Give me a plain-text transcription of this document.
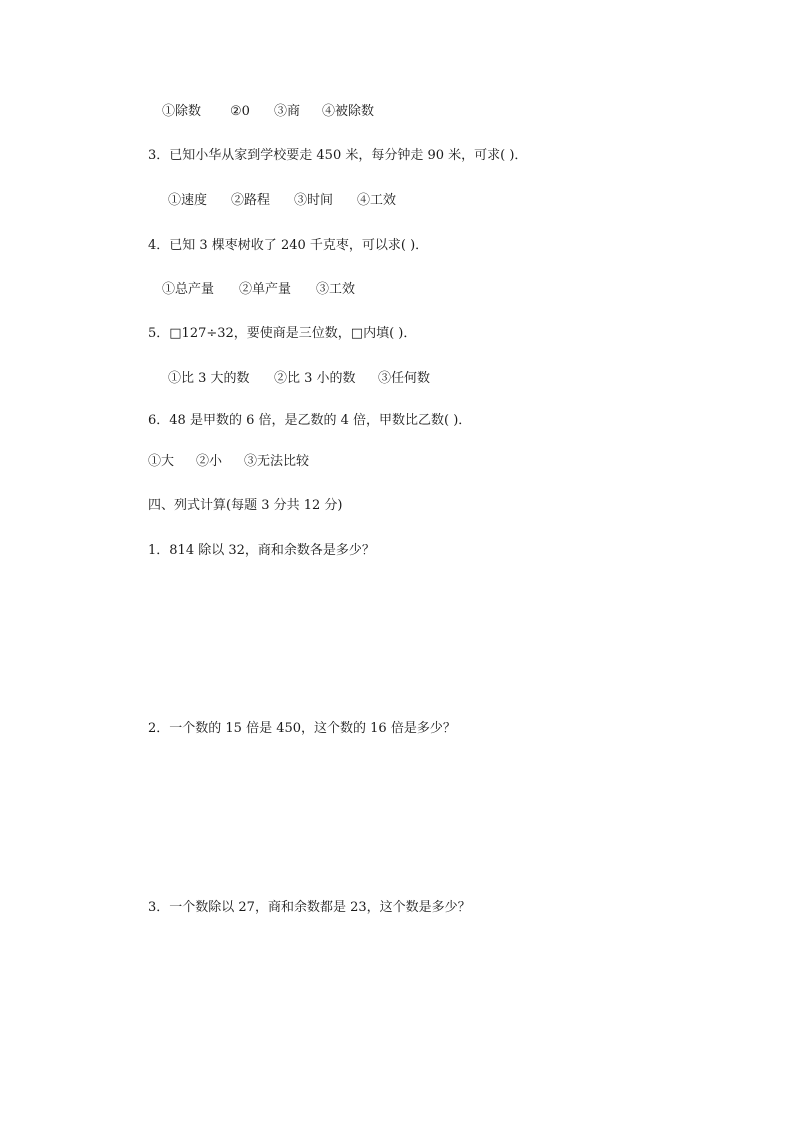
①除数 ②0 ③商 ④被除数
3．已知小华从家到学校要走 450 米，每分钟走 90 米，可求( )．
①速度 ②路程 ③时间 ④工效
4．已知 3 棵枣树收了 240 千克枣，可以求( )．
①总产量 ②单产量 ③工效
5．□127÷32，要使商是三位数，□内填( )．
①比 3 大的数 ②比 3 小的数 ③任何数
6．48 是甲数的 6 倍，是乙数的 4 倍，甲数比乙数( )．
①大 ②小 ③无法比较
四、列式计算(每题 3 分共 12 分)
1．814 除以 32，商和余数各是多少？
2．一个数的 15 倍是 450，这个数的 16 倍是多少？
3．一个数除以 27，商和余数都是 23，这个数是多少？
